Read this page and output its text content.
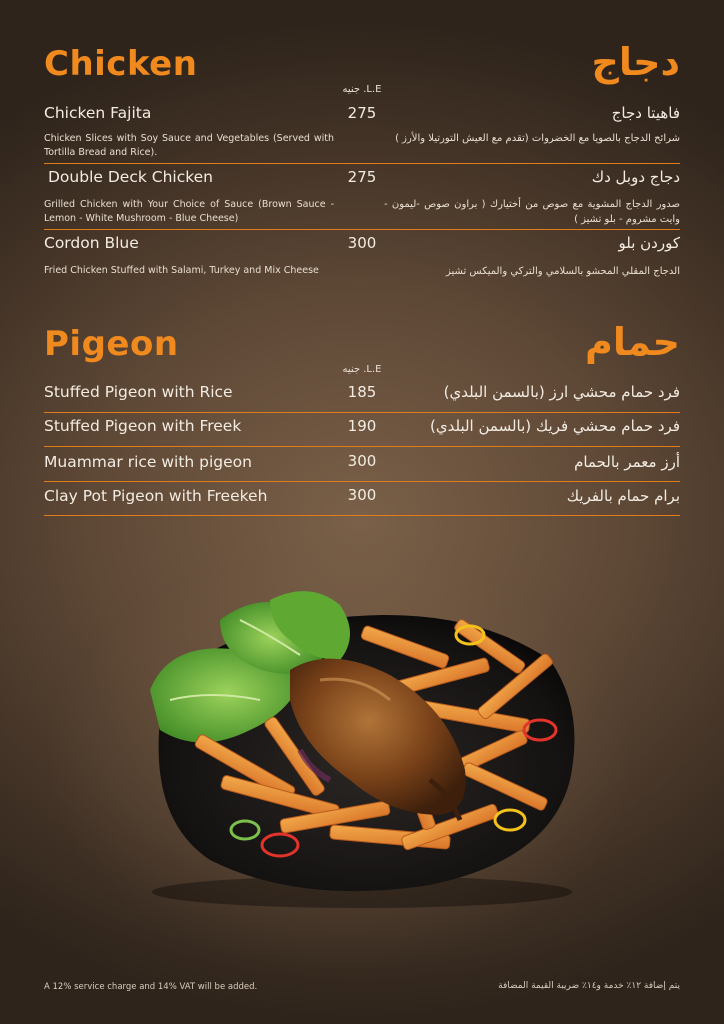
Chicken	دجاج
L.E. جنيه
Chicken Fajita	275	فاهيتا دجاج
Chicken Slices with Soy Sauce and Vegetables (Served with Tortilla Bread and Rice).
شرائح الدجاج بالصويا مع الخضروات (تقدم مع العيش التورتيلا والأرز )
Double Deck Chicken	275	دجاج دوبل دك
Grilled Chicken with Your Choice of Sauce (Brown Sauce - Lemon - White Mushroom - Blue Cheese)
صدور الدجاج المشوية مع صوص من أختيارك ( براون صوص -ليمون - وايت مشروم - بلو تشيز )
Cordon Blue	300	كوردن بلو
Fried Chicken Stuffed with Salami, Turkey and Mix Cheese	الدجاج المقلي المحشو بالسلامي والتركي والميكس تشيز
Pigeon	حمام
L.E. جنيه
Stuffed Pigeon with Rice	185	فرد حمام محشي ارز (بالسمن البلدي)
Stuffed Pigeon with Freek	190	فرد حمام محشي فريك (بالسمن البلدي)
Muammar rice with pigeon	300	أرز معمر بالحمام
Clay Pot Pigeon with Freekeh	300	برام حمام بالفريك
A 12% service charge and 14% VAT will be added.	يتم إضافة ١٢٪ خدمة و١٤٪ ضريبة القيمة المضافة
